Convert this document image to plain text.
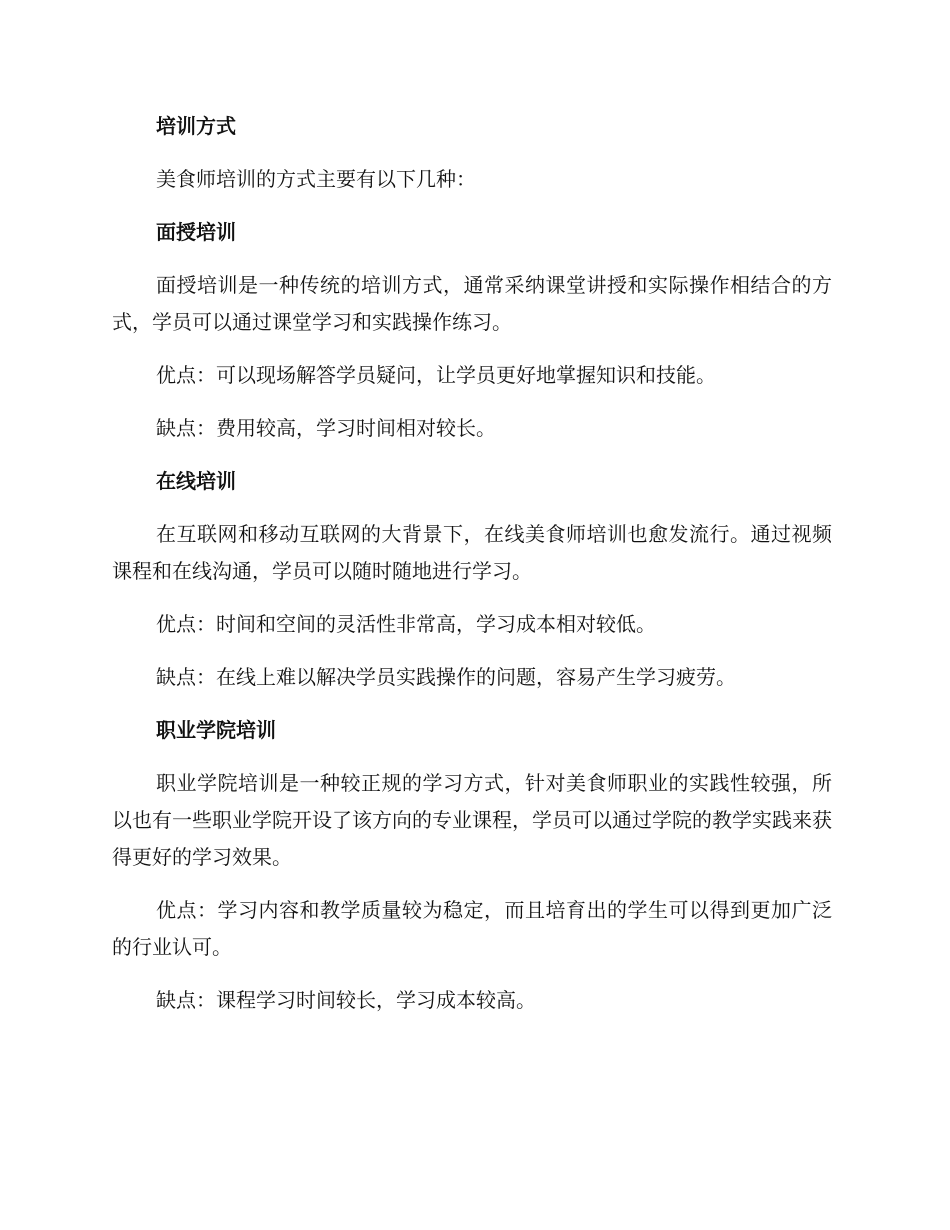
培训方式

美食师培训的方式主要有以下几种：

面授培训

面授培训是一种传统的培训方式，通常采纳课堂讲授和实际操作相结合的方式，学员可以通过课堂学习和实践操作练习。

优点：可以现场解答学员疑问，让学员更好地掌握知识和技能。

缺点：费用较高，学习时间相对较长。

在线培训

在互联网和移动互联网的大背景下，在线美食师培训也愈发流行。通过视频课程和在线沟通，学员可以随时随地进行学习。

优点：时间和空间的灵活性非常高，学习成本相对较低。

缺点：在线上难以解决学员实践操作的问题，容易产生学习疲劳。

职业学院培训

职业学院培训是一种较正规的学习方式，针对美食师职业的实践性较强，所以也有一些职业学院开设了该方向的专业课程，学员可以通过学院的教学实践来获得更好的学习效果。

优点：学习内容和教学质量较为稳定，而且培育出的学生可以得到更加广泛的行业认可。

缺点：课程学习时间较长，学习成本较高。
